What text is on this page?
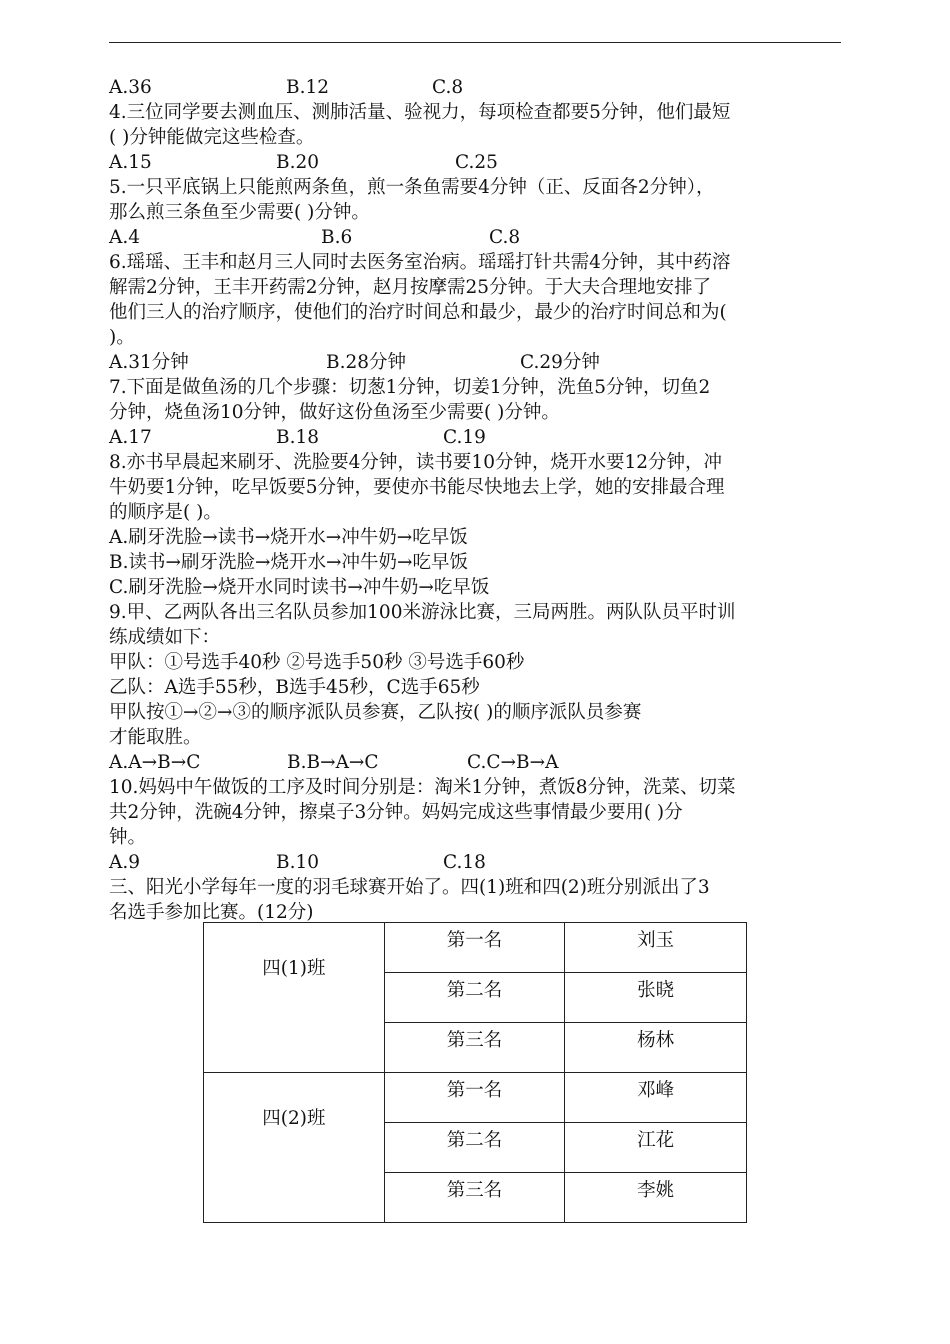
A.36	B.12	C.8
4.三位同学要去测血压、测肺活量、验视力，每项检查都要5分钟，他们最短
( )分钟能做完这些检查。
A.15	B.20	C.25
5.一只平底锅上只能煎两条鱼，煎一条鱼需要4分钟（正、反面各2分钟），
那么煎三条鱼至少需要( )分钟。
A.4	B.6	C.8
6.瑶瑶、王丰和赵月三人同时去医务室治病。瑶瑶打针共需4分钟，其中药溶
解需2分钟，王丰开药需2分钟，赵月按摩需25分钟。于大夫合理地安排了
他们三人的治疗顺序，使他们的治疗时间总和最少，最少的治疗时间总和为(
)。
A.31分钟	B.28分钟	C.29分钟
7.下面是做鱼汤的几个步骤：切葱1分钟，切姜1分钟，洗鱼5分钟，切鱼2
分钟，烧鱼汤10分钟，做好这份鱼汤至少需要( )分钟。
A.17	B.18	C.19
8.亦书早晨起来刷牙、洗脸要4分钟，读书要10分钟，烧开水要12分钟，冲
牛奶要1分钟，吃早饭要5分钟，要使亦书能尽快地去上学，她的安排最合理
的顺序是( )。
A.刷牙洗脸→读书→烧开水→冲牛奶→吃早饭
B.读书→刷牙洗脸→烧开水→冲牛奶→吃早饭
C.刷牙洗脸→烧开水同时读书→冲牛奶→吃早饭
9.甲、乙两队各出三名队员参加100米游泳比赛，三局两胜。两队队员平时训
练成绩如下：
甲队：①号选手40秒 ②号选手50秒 ③号选手60秒
乙队：A选手55秒，B选手45秒，C选手65秒
甲队按①→②→③的顺序派队员参赛，乙队按( )的顺序派队员参赛
才能取胜。
A.A→B→C	B.B→A→C	C.C→B→A
10.妈妈中午做饭的工序及时间分别是：淘米1分钟，煮饭8分钟，洗菜、切菜
共2分钟，洗碗4分钟，擦桌子3分钟。妈妈完成这些事情最少要用( )分
钟。
A.9	B.10	C.18
三、阳光小学每年一度的羽毛球赛开始了。四(1)班和四(2)班分别派出了3
名选手参加比赛。(12分)
四(1)班	第一名	刘玉
	第二名	张晓
	第三名	杨林
四(2)班	第一名	邓峰
	第二名	江花
	第三名	李姚
